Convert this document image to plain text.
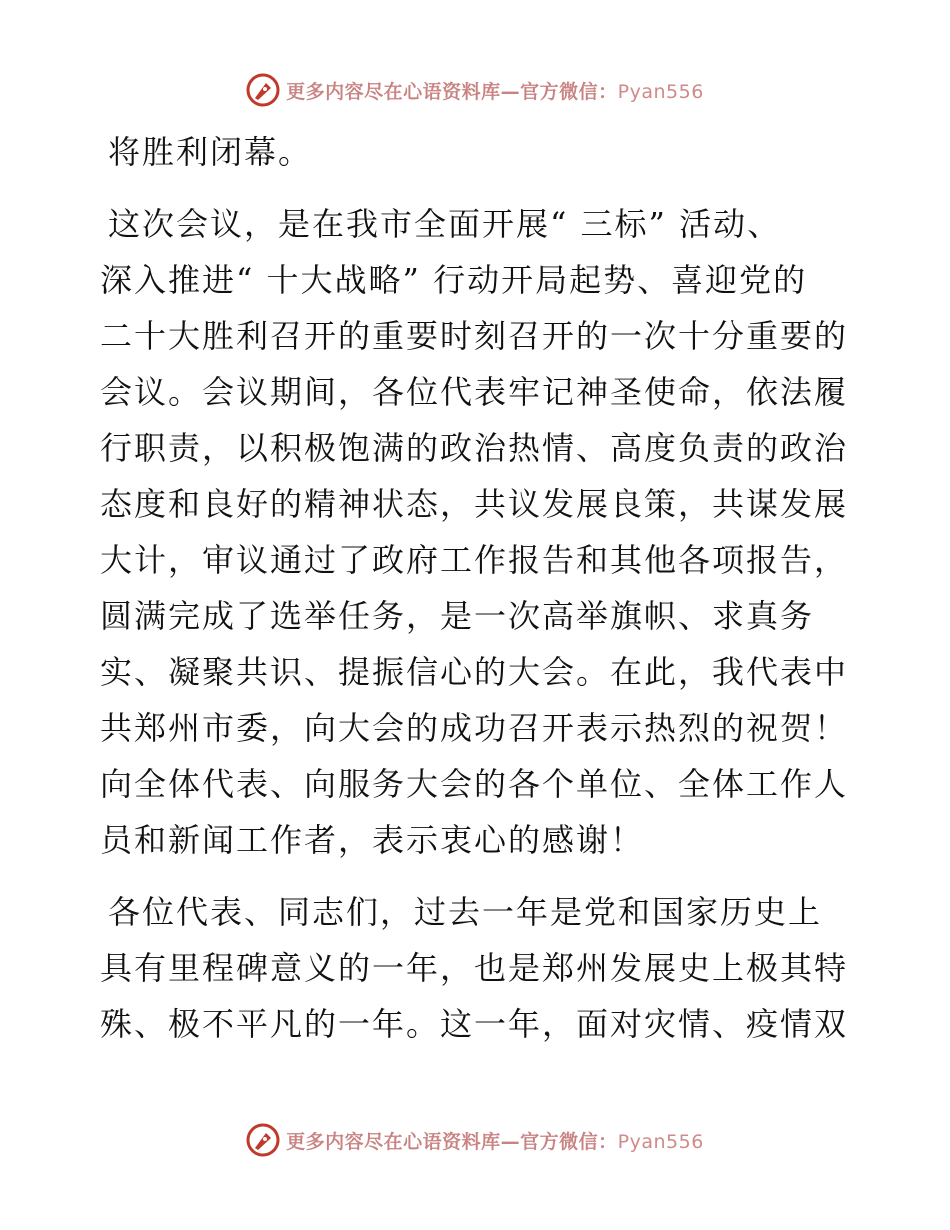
更多内容尽在心语资料库—官方微信：Pyan556
将胜利闭幕。
这次会议，是在我市全面开展“ 三标” 活动、
深入推进“ 十大战略” 行动开局起势、喜迎党的
二十大胜利召开的重要时刻召开的一次十分重要的
会议。会议期间，各位代表牢记神圣使命，依法履
行职责，以积极饱满的政治热情、高度负责的政治
态度和良好的精神状态，共议发展良策，共谋发展
大计，审议通过了政府工作报告和其他各项报告，
圆满完成了选举任务，是一次高举旗帜、求真务
实、凝聚共识、提振信心的大会。在此，我代表中
共郑州市委，向大会的成功召开表示热烈的祝贺！
向全体代表、向服务大会的各个单位、全体工作人
员和新闻工作者，表示衷心的感谢！
各位代表、同志们，过去一年是党和国家历史上
具有里程碑意义的一年，也是郑州发展史上极其特
殊、极不平凡的一年。这一年，面对灾情、疫情双
更多内容尽在心语资料库—官方微信：Pyan556
